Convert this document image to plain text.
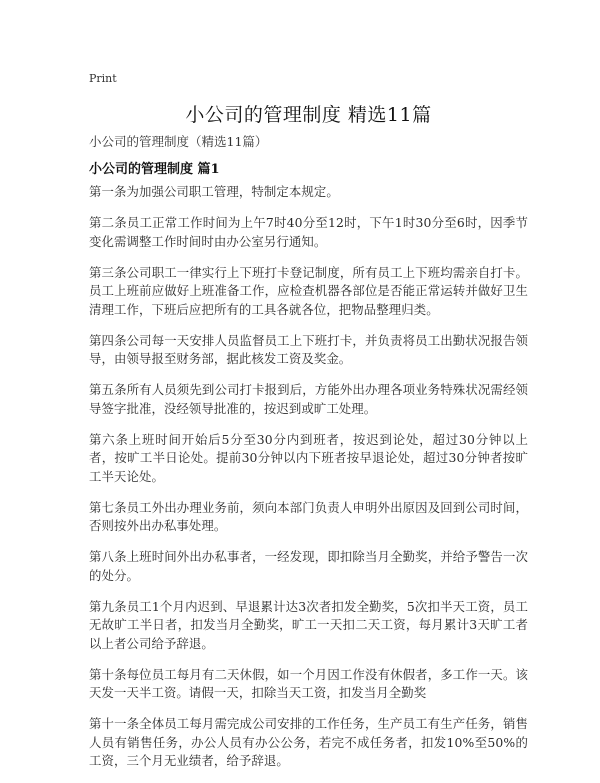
Print
小公司的管理制度 精选11篇

小公司的管理制度（精选11篇）

小公司的管理制度 篇1

第一条为加强公司职工管理，特制定本规定。

第二条员工正常工作时间为上午7时40分至12时，下午1时30分至6时，因季节变化需调整工作时间时由办公室另行通知。

第三条公司职工一律实行上下班打卡登记制度，所有员工上下班均需亲自打卡。员工上班前应做好上班准备工作，应检查机器各部位是否能正常运转并做好卫生清理工作，下班后应把所有的工具各就各位，把物品整理归类。

第四条公司每一天安排人员监督员工上下班打卡，并负责将员工出勤状况报告领导，由领导报至财务部，据此核发工资及奖金。

第五条所有人员须先到公司打卡报到后，方能外出办理各项业务特殊状况需经领导签字批准，没经领导批准的，按迟到或旷工处理。

第六条上班时间开始后5分至30分内到班者，按迟到论处，超过30分钟以上者，按旷工半日论处。提前30分钟以内下班者按早退论处，超过30分钟者按旷工半天论处。

第七条员工外出办理业务前，须向本部门负责人申明外出原因及回到公司时间，否则按外出办私事处理。

第八条上班时间外出办私事者，一经发现，即扣除当月全勤奖，并给予警告一次的处分。

第九条员工1个月内迟到、早退累计达3次者扣发全勤奖，5次扣半天工资，员工无故旷工半日者，扣发当月全勤奖，旷工一天扣二天工资，每月累计3天旷工者以上者公司给予辞退。

第十条每位员工每月有二天休假，如一个月因工作没有休假者，多工作一天。该天发一天半工资。请假一天，扣除当天工资，扣发当月全勤奖

第十一条全体员工每月需完成公司安排的工作任务，生产员工有生产任务，销售人员有销售任务，办公人员有办公公务，若完不成任务者，扣发10%至50%的工资，三个月无业绩者，给予辞退。
